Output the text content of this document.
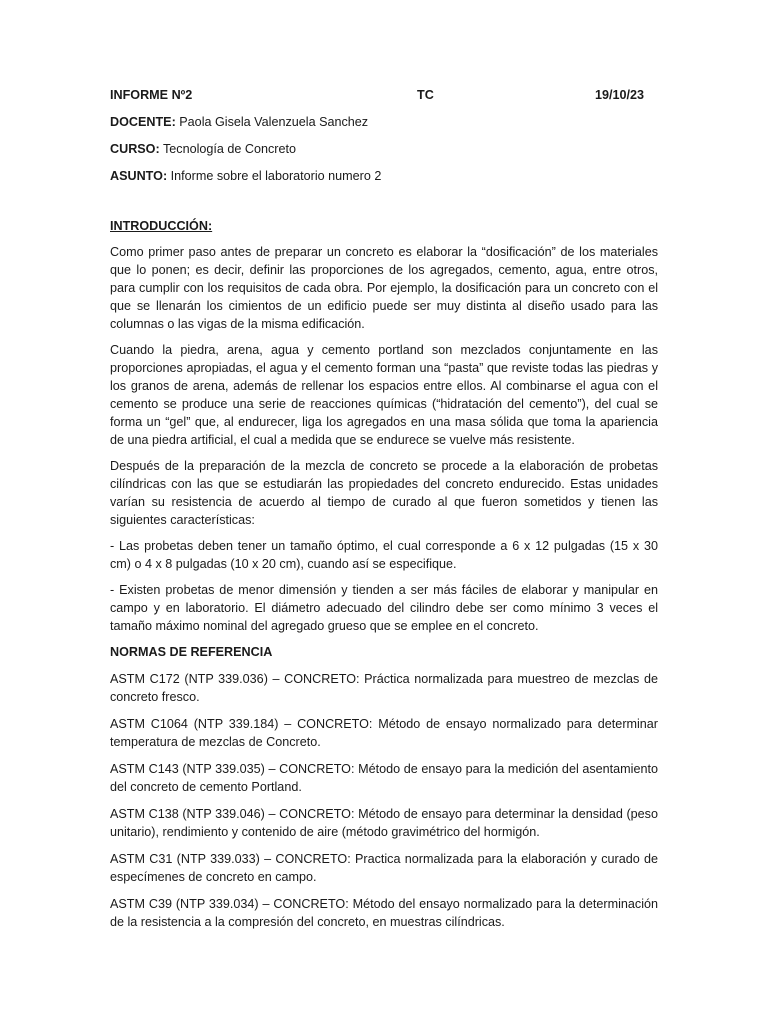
INFORME Nº2	TC	19/10/23
DOCENTE: Paola Gisela Valenzuela Sanchez
CURSO: Tecnología de Concreto
ASUNTO: Informe sobre el laboratorio numero 2
INTRODUCCIÓN:

Como primer paso antes de preparar un concreto es elaborar la “dosificación” de los materiales que lo ponen; es decir, definir las proporciones de los agregados, cemento, agua, entre otros, para cumplir con los requisitos de cada obra. Por ejemplo, la dosificación para un concreto con el que se llenarán los cimientos de un edificio puede ser muy distinta al diseño usado para las columnas o las vigas de la misma edificación.

Cuando la piedra, arena, agua y cemento portland son mezclados conjuntamente en las proporciones apropiadas, el agua y el cemento forman una “pasta” que reviste todas las piedras y los granos de arena, además de rellenar los espacios entre ellos. Al combinarse el agua con el cemento se produce una serie de reacciones químicas (“hidratación del cemento”), del cual se forma un “gel” que, al endurecer, liga los agregados en una masa sólida que toma la apariencia de una piedra artificial, el cual a medida que se endurece se vuelve más resistente.

Después de la preparación de la mezcla de concreto se procede a la elaboración de probetas cilíndricas con las que se estudiarán las propiedades del concreto endurecido. Estas unidades varían su resistencia de acuerdo al tiempo de curado al que fueron sometidos y tienen las siguientes características:

- Las probetas deben tener un tamaño óptimo, el cual corresponde a 6 x 12 pulgadas (15 x 30 cm) o 4 x 8 pulgadas (10 x 20 cm), cuando así se especifique.

- Existen probetas de menor dimensión y tienden a ser más fáciles de elaborar y manipular en campo y en laboratorio. El diámetro adecuado del cilindro debe ser como mínimo 3 veces el tamaño máximo nominal del agregado grueso que se emplee en el concreto.

NORMAS DE REFERENCIA

ASTM C172 (NTP 339.036) – CONCRETO: Práctica normalizada para muestreo de mezclas de concreto fresco.

ASTM C1064 (NTP 339.184) – CONCRETO: Método de ensayo normalizado para determinar temperatura de mezclas de Concreto.

ASTM C143 (NTP 339.035) – CONCRETO: Método de ensayo para la medición del asentamiento del concreto de cemento Portland.

ASTM C138 (NTP 339.046) – CONCRETO: Método de ensayo para determinar la densidad (peso unitario), rendimiento y contenido de aire (método gravimétrico del hormigón.

ASTM C31 (NTP 339.033) – CONCRETO: Practica normalizada para la elaboración y curado de especímenes de concreto en campo.

ASTM C39 (NTP 339.034) – CONCRETO: Método del ensayo normalizado para la determinación de la resistencia a la compresión del concreto, en muestras cilíndricas.
